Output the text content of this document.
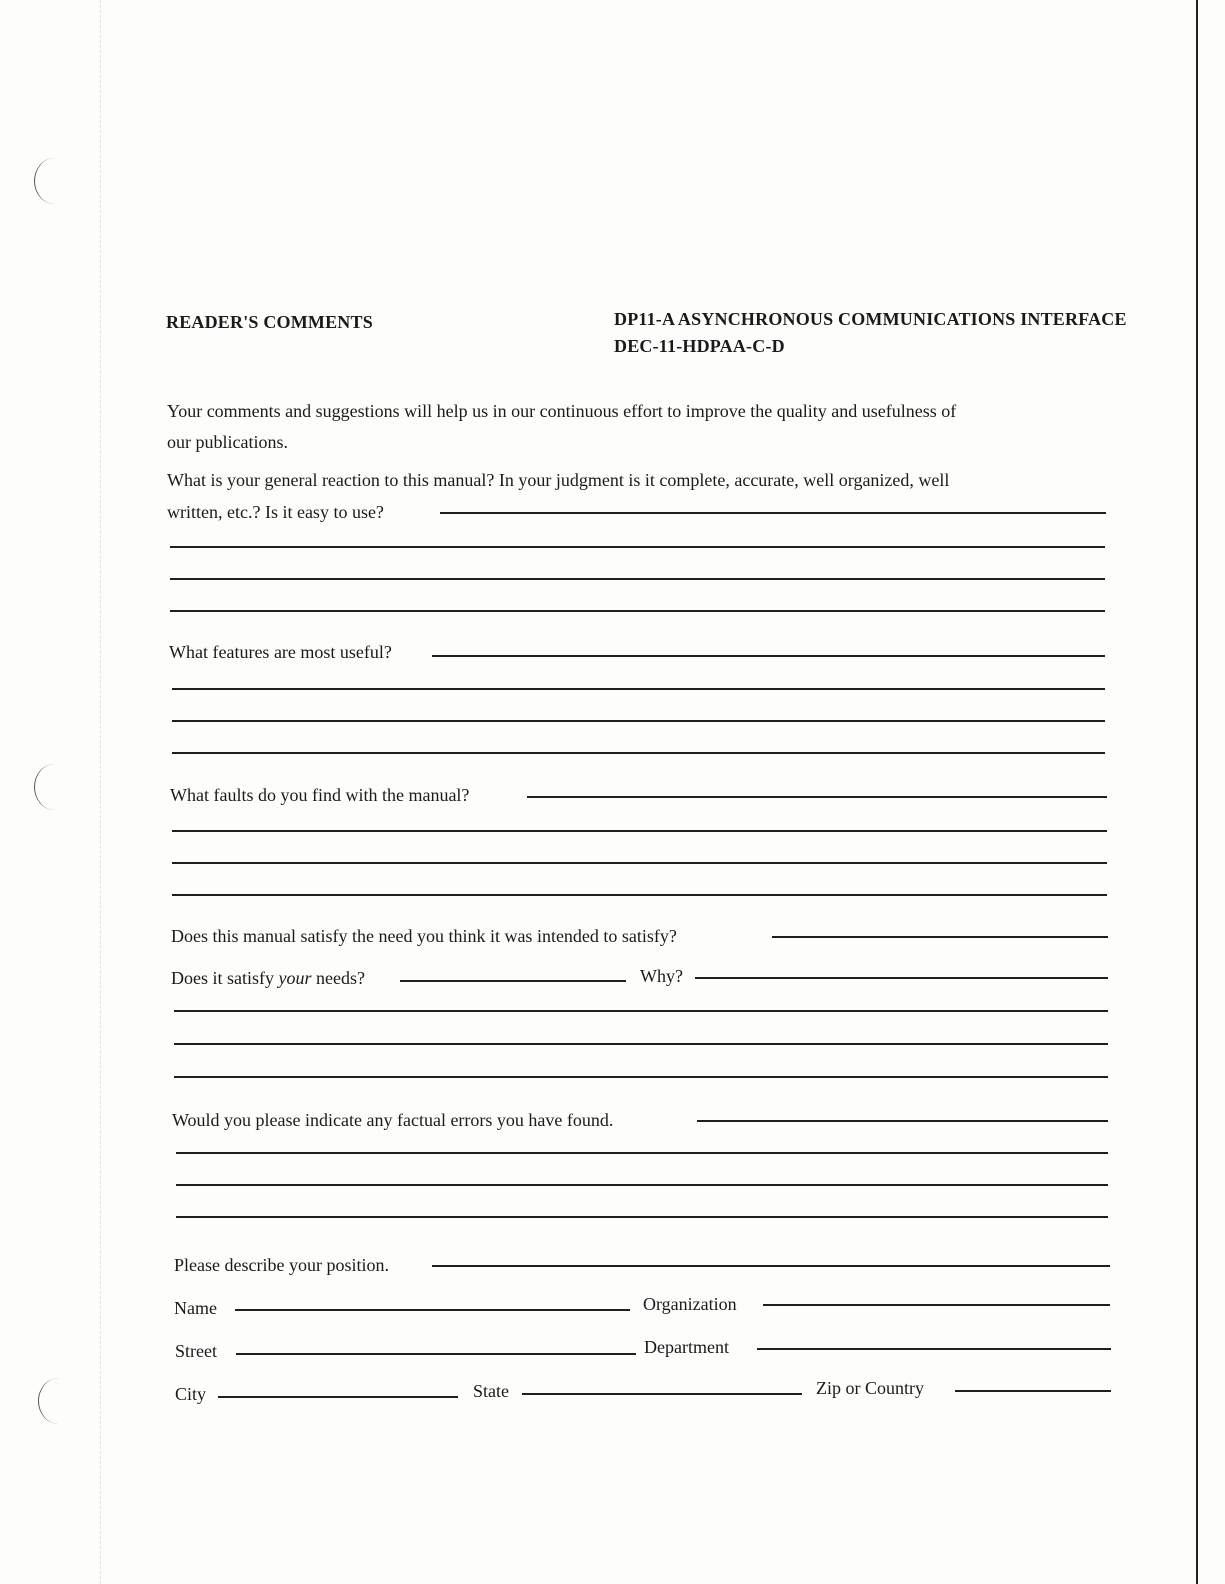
READER'S COMMENTS	DP11-A ASYNCHRONOUS COMMUNICATIONS INTERFACE
DEC-11-HDPAA-C-D
Your comments and suggestions will help us in our continuous effort to improve the quality and usefulness of
our publications.
What is your general reaction to this manual? In your judgment is it complete, accurate, well organized, well
written, etc.? Is it easy to use?
What features are most useful?
What faults do you find with the manual?
Does this manual satisfy the need you think it was intended to satisfy?
Does it satisfy your needs?	Why?
Would you please indicate any factual errors you have found.
Please describe your position.
Name	Organization
Street	Department
City	State	Zip or Country
